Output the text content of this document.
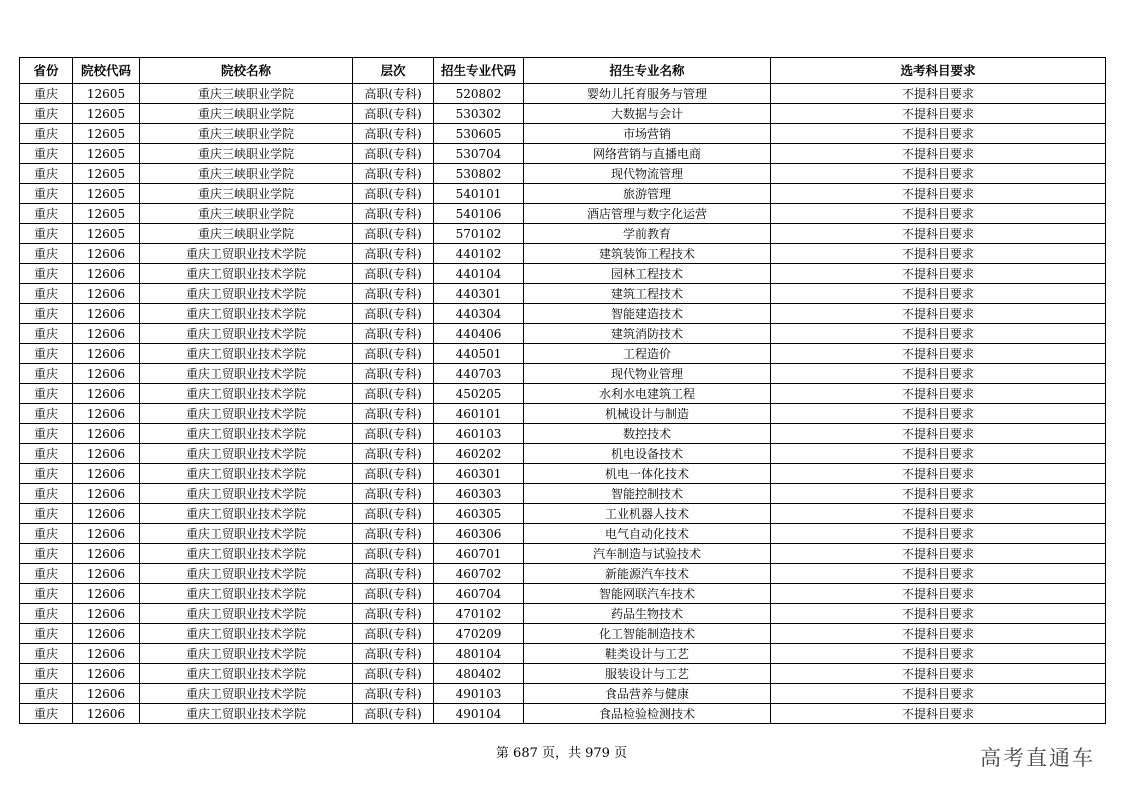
省份	院校代码	院校名称	层次	招生专业代码	招生专业名称	选考科目要求
重庆	12605	重庆三峡职业学院	高职(专科)	520802	婴幼儿托育服务与管理	不提科目要求
重庆	12605	重庆三峡职业学院	高职(专科)	530302	大数据与会计	不提科目要求
重庆	12605	重庆三峡职业学院	高职(专科)	530605	市场营销	不提科目要求
重庆	12605	重庆三峡职业学院	高职(专科)	530704	网络营销与直播电商	不提科目要求
重庆	12605	重庆三峡职业学院	高职(专科)	530802	现代物流管理	不提科目要求
重庆	12605	重庆三峡职业学院	高职(专科)	540101	旅游管理	不提科目要求
重庆	12605	重庆三峡职业学院	高职(专科)	540106	酒店管理与数字化运营	不提科目要求
重庆	12605	重庆三峡职业学院	高职(专科)	570102	学前教育	不提科目要求
重庆	12606	重庆工贸职业技术学院	高职(专科)	440102	建筑装饰工程技术	不提科目要求
重庆	12606	重庆工贸职业技术学院	高职(专科)	440104	园林工程技术	不提科目要求
重庆	12606	重庆工贸职业技术学院	高职(专科)	440301	建筑工程技术	不提科目要求
重庆	12606	重庆工贸职业技术学院	高职(专科)	440304	智能建造技术	不提科目要求
重庆	12606	重庆工贸职业技术学院	高职(专科)	440406	建筑消防技术	不提科目要求
重庆	12606	重庆工贸职业技术学院	高职(专科)	440501	工程造价	不提科目要求
重庆	12606	重庆工贸职业技术学院	高职(专科)	440703	现代物业管理	不提科目要求
重庆	12606	重庆工贸职业技术学院	高职(专科)	450205	水利水电建筑工程	不提科目要求
重庆	12606	重庆工贸职业技术学院	高职(专科)	460101	机械设计与制造	不提科目要求
重庆	12606	重庆工贸职业技术学院	高职(专科)	460103	数控技术	不提科目要求
重庆	12606	重庆工贸职业技术学院	高职(专科)	460202	机电设备技术	不提科目要求
重庆	12606	重庆工贸职业技术学院	高职(专科)	460301	机电一体化技术	不提科目要求
重庆	12606	重庆工贸职业技术学院	高职(专科)	460303	智能控制技术	不提科目要求
重庆	12606	重庆工贸职业技术学院	高职(专科)	460305	工业机器人技术	不提科目要求
重庆	12606	重庆工贸职业技术学院	高职(专科)	460306	电气自动化技术	不提科目要求
重庆	12606	重庆工贸职业技术学院	高职(专科)	460701	汽车制造与试验技术	不提科目要求
重庆	12606	重庆工贸职业技术学院	高职(专科)	460702	新能源汽车技术	不提科目要求
重庆	12606	重庆工贸职业技术学院	高职(专科)	460704	智能网联汽车技术	不提科目要求
重庆	12606	重庆工贸职业技术学院	高职(专科)	470102	药品生物技术	不提科目要求
重庆	12606	重庆工贸职业技术学院	高职(专科)	470209	化工智能制造技术	不提科目要求
重庆	12606	重庆工贸职业技术学院	高职(专科)	480104	鞋类设计与工艺	不提科目要求
重庆	12606	重庆工贸职业技术学院	高职(专科)	480402	服装设计与工艺	不提科目要求
重庆	12606	重庆工贸职业技术学院	高职(专科)	490103	食品营养与健康	不提科目要求
重庆	12606	重庆工贸职业技术学院	高职(专科)	490104	食品检验检测技术	不提科目要求
第 687 页，共 979 页	高考直通车
